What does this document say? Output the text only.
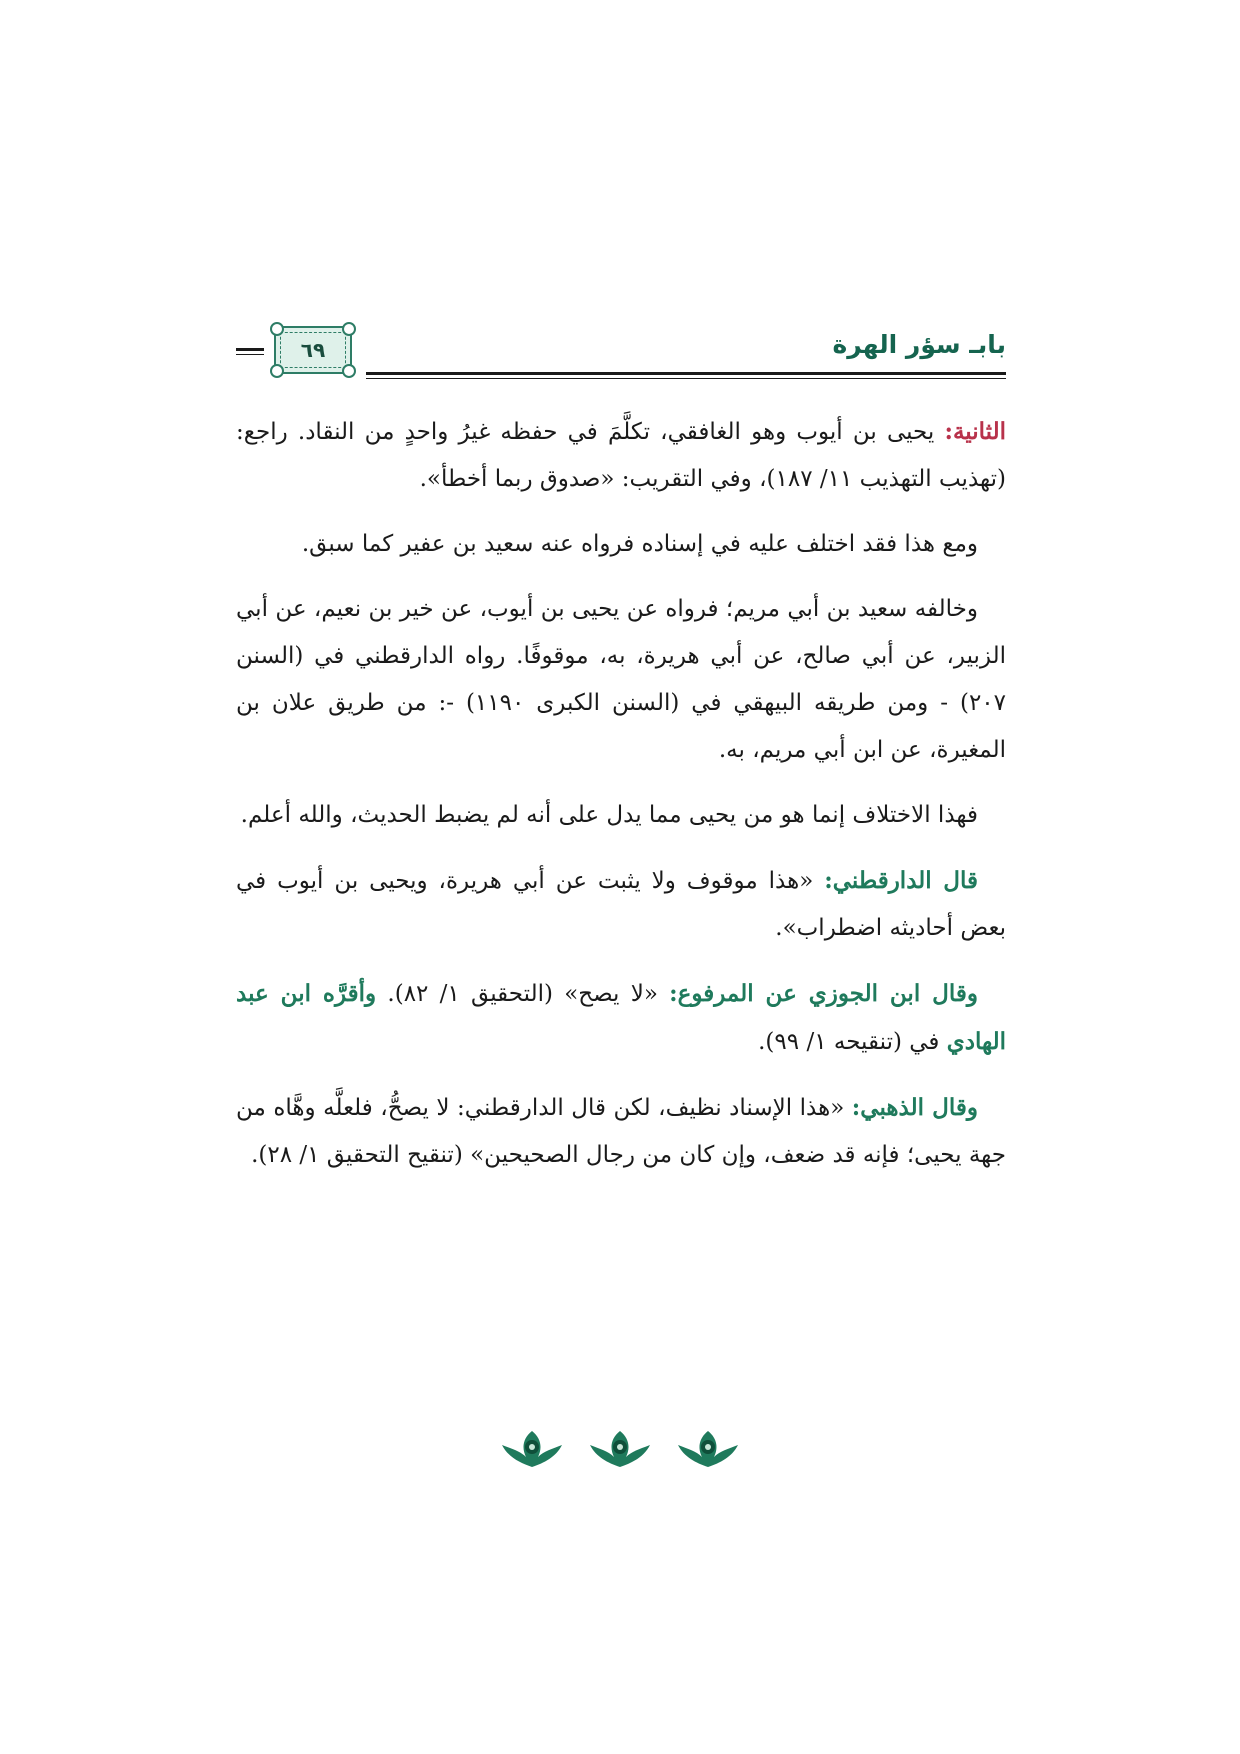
بابـ سؤر الهرة
٦٩

الثانية: يحيى بن أيوب وهو الغافقي، تكلَّمَ في حفظه غيرُ واحدٍ من النقاد. راجع: (تهذيب التهذيب ١١/ ١٨٧)، وفي التقريب: «صدوق ربما أخطأ».

ومع هذا فقد اختلف عليه في إسناده فرواه عنه سعيد بن عفير كما سبق.

وخالفه سعيد بن أبي مريم؛ فرواه عن يحيى بن أيوب، عن خير بن نعيم، عن أبي الزبير، عن أبي صالح، عن أبي هريرة، به، موقوفًا. رواه الدارقطني في (السنن ٢٠٧) - ومن طريقه البيهقي في (السنن الكبرى ١١٩٠) -: من طريق علان بن المغيرة، عن ابن أبي مريم، به.

فهذا الاختلاف إنما هو من يحيى مما يدل على أنه لم يضبط الحديث، والله أعلم.

قال الدارقطني: «هذا موقوف ولا يثبت عن أبي هريرة، ويحيى بن أيوب في بعض أحاديثه اضطراب».

وقال ابن الجوزي عن المرفوع: «لا يصح» (التحقيق ١/ ٨٢). وأقرَّه ابن عبد الهادي في (تنقيحه ١/ ٩٩).

وقال الذهبي: «هذا الإسناد نظيف، لكن قال الدارقطني: لا يصحُّ، فلعلَّه وهَّاه من جهة يحيى؛ فإنه قد ضعف، وإن كان من رجال الصحيحين» (تنقيح التحقيق ١/ ٢٨).
